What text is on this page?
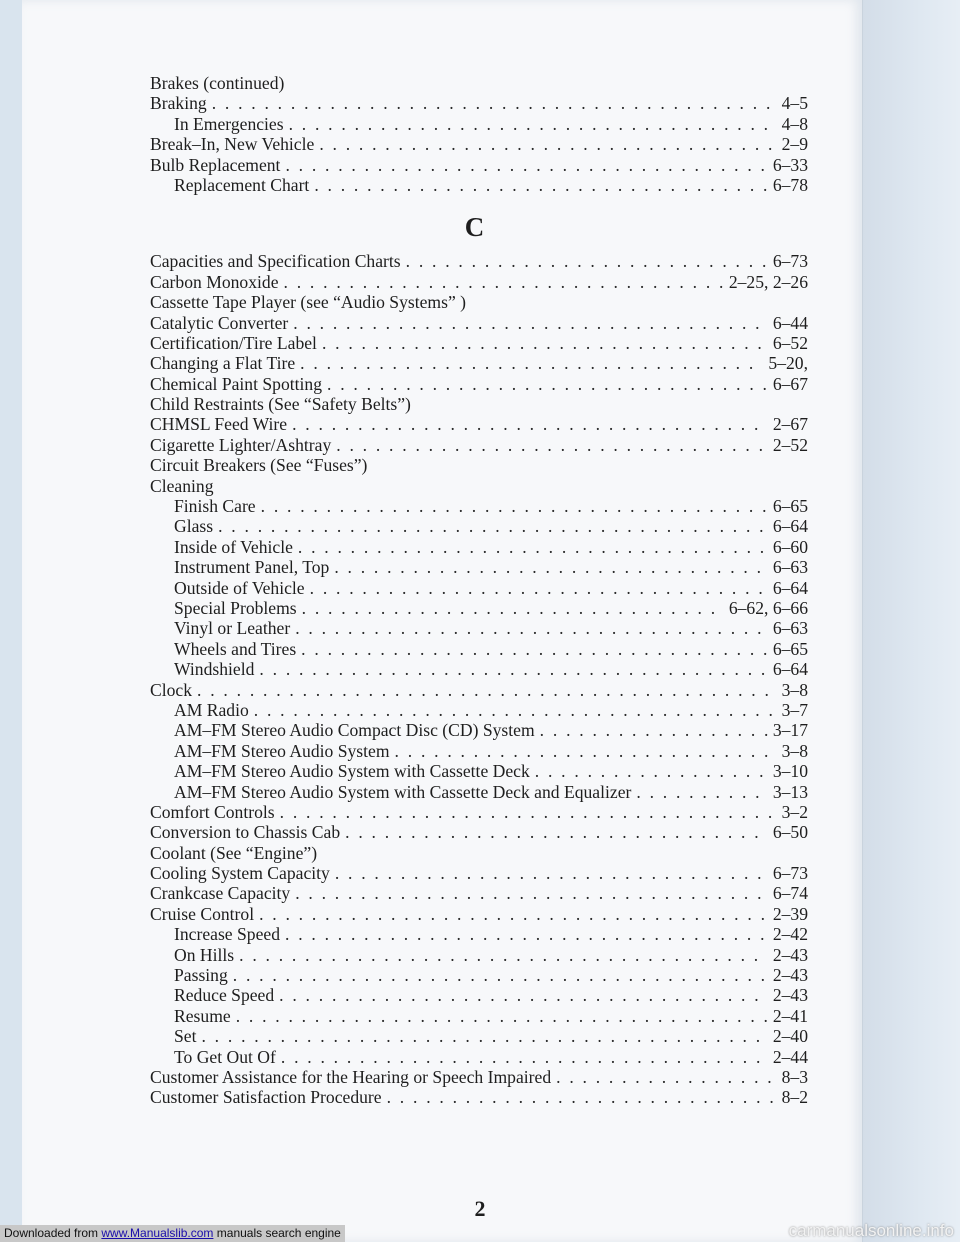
Brakes (continued)
Braking . . .	4–5
In Emergencies . . .	4–8
Break–In, New Vehicle . . .	2–9
Bulb Replacement . . .	6–33
Replacement Chart . . .	6–78
C
Capacities and Specification Charts . . .	6–73
Carbon Monoxide . . .	2–25, 2–26
Cassette Tape Player (see “Audio Systems” )
Catalytic Converter . . .	6–44
Certification/Tire Label . . .	6–52
Changing a Flat Tire . . .	5–20,
Chemical Paint Spotting . . .	6–67
Child Restraints (See “Safety Belts”)
CHMSL Feed Wire . . .	2–67
Cigarette Lighter/Ashtray . . .	2–52
Circuit Breakers (See “Fuses”)
Cleaning
Finish Care . . .	6–65
Glass . . .	6–64
Inside of Vehicle . . .	6–60
Instrument Panel, Top . . .	6–63
Outside of Vehicle . . .	6–64
Special Problems . . .	6–62, 6–66
Vinyl or Leather . . .	6–63
Wheels and Tires . . .	6–65
Windshield . . .	6–64
Clock . . .	3–8
AM Radio . . .	3–7
AM–FM Stereo Audio Compact Disc (CD) System . . .	3–17
AM–FM Stereo Audio System . . .	3–8
AM–FM Stereo Audio System with Cassette Deck . . .	3–10
AM–FM Stereo Audio System with Cassette Deck and Equalizer . . .	3–13
Comfort Controls . . .	3–2
Conversion to Chassis Cab . . .	6–50
Coolant (See “Engine”)
Cooling System Capacity . . .	6–73
Crankcase Capacity . . .	6–74
Cruise Control . . .	2–39
Increase Speed . . .	2–42
On Hills . . .	2–43
Passing . . .	2–43
Reduce Speed . . .	2–43
Resume . . .	2–41
Set . . .	2–40
To Get Out Of . . .	2–44
Customer Assistance for the Hearing or Speech Impaired . . .	8–3
Customer Satisfaction Procedure . . .	8–2
2
Downloaded from www.Manualslib.com manuals search engine	carmanualsonline.info
